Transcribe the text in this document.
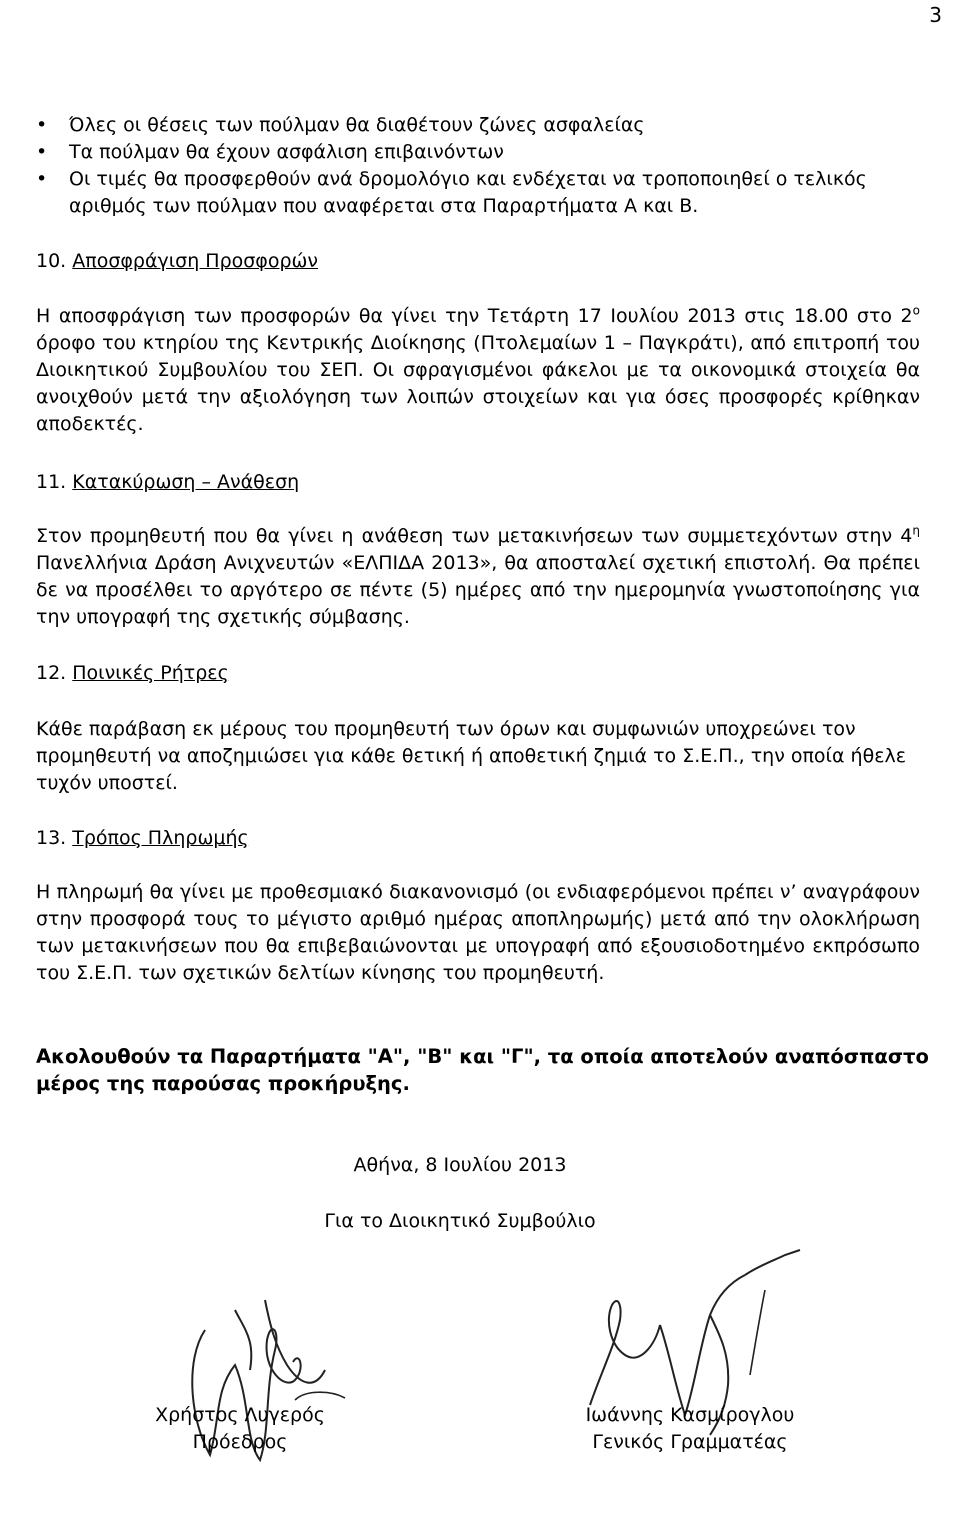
3
• Όλες οι θέσεις των πούλμαν θα διαθέτουν ζώνες ασφαλείας
• Τα πούλμαν θα έχουν ασφάλιση επιβαινόντων
• Οι τιμές θα προσφερθούν ανά δρομολόγιο και ενδέχεται να τροποποιηθεί ο τελικός αριθμός των πούλμαν που αναφέρεται στα Παραρτήματα Α και Β.
10. Αποσφράγιση Προσφορών

Η αποσφράγιση των προσφορών θα γίνει την Τετάρτη 17 Ιουλίου 2013 στις 18.00 στο $2^o$ όροφο του κτηρίου της Κεντρικής Διοίκησης (Πτολεμαίων 1 – Παγκράτι), από επιτροπή του Διοικητικού Συμβουλίου του ΣΕΠ. Οι σφραγισμένοι φάκελοι με τα οικονομικά στοιχεία θα ανοιχθούν μετά την αξιολόγηση των λοιπών στοιχείων και για όσες προσφορές κρίθηκαν αποδεκτές.

11. Κατακύρωση – Ανάθεση

Στον προμηθευτή που θα γίνει η ανάθεση των μετακινήσεων των συμμετεχόντων στην $4^\eta$ Πανελλήνια Δράση Ανιχνευτών «ΕΛΠΙΔΑ 2013», θα αποσταλεί σχετική επιστολή. Θα πρέπει δε να προσέλθει το αργότερο σε πέντε (5) ημέρες από την ημερομηνία γνωστοποίησης για την υπογραφή της σχετικής σύμβασης.

12. Ποινικές Ρήτρες

Κάθε παράβαση εκ μέρους του προμηθευτή των όρων και συμφωνιών υποχρεώνει τον προμηθευτή να αποζημιώσει για κάθε θετική ή αποθετική ζημιά το Σ.Ε.Π., την οποία ήθελε τυχόν υποστεί.

13. Τρόπος Πληρωμής

Η πληρωμή θα γίνει με προθεσμιακό διακανονισμό (οι ενδιαφερόμενοι πρέπει ν’ αναγράφουν στην προσφορά τους το μέγιστο αριθμό ημέρας αποπληρωμής) μετά από την ολοκλήρωση των μετακινήσεων που θα επιβεβαιώνονται με υπογραφή από εξουσιοδοτημένο εκπρόσωπο του Σ.Ε.Π. των σχετικών δελτίων κίνησης του προμηθευτή.

Ακολουθούν τα Παραρτήματα "Α", "Β" και "Γ", τα οποία αποτελούν αναπόσπαστο μέρος της παρούσας προκήρυξης.
Αθήνα, 8 Ιουλίου 2013
Για το Διοικητικό Συμβούλιο
Χρήστος Λυγερός
Πρόεδρος
Ιωάννης Κασμίρογλου
Γενικός Γραμματέας
